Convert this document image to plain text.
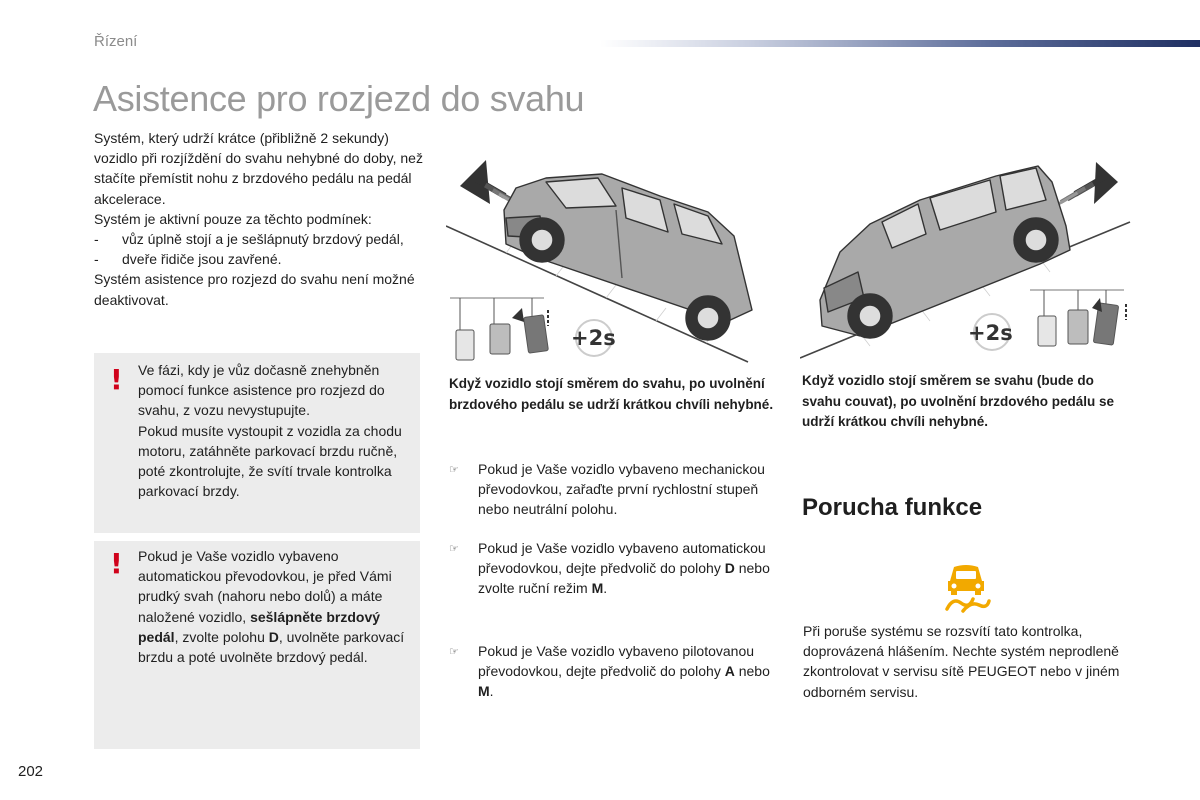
Řízení
Asistence pro rozjezd do svahu

Systém, který udrží krátce (přibližně 2 sekundy) vozidlo při rozjíždění do svahu nehybné do doby, než stačíte přemístit nohu z brzdového pedálu na pedál akcelerace.

Systém je aktivní pouze za těchto podmínek:

- vůz úplně stojí a je sešlápnutý brzdový pedál,
- dveře řidiče jsou zavřené.

Systém asistence pro rozjezd do svahu není možné deaktivovat.

! Ve fázi, kdy je vůz dočasně znehybněn pomocí funkce asistence pro rozjezd do svahu, z vozu nevystupujte.
Pokud musíte vystoupit z vozidla za chodu motoru, zatáhněte parkovací brzdu ručně, poté zkontrolujte, že svítí trvale kontrolka parkovací brzdy.
! Pokud je Vaše vozidlo vybaveno automatickou převodovkou, je před Vámi prudký svah (nahoru nebo dolů) a máte naložené vozidlo, sešlápněte brzdový pedál, zvolte polohu D, uvolněte parkovací brzdu a poté uvolněte brzdový pedál.
+2s	+2s
Když vozidlo stojí směrem do svahu, po uvolnění brzdového pedálu se udrží krátkou chvíli nehybné.
Když vozidlo stojí směrem se svahu (bude do svahu couvat), po uvolnění brzdového pedálu se udrží krátkou chvíli nehybné.
☞ Pokud je Vaše vozidlo vybaveno mechanickou převodovkou, zařaďte první rychlostní stupeň nebo neutrální polohu.
☞ Pokud je Vaše vozidlo vybaveno automatickou převodovkou, dejte předvolič do polohy D nebo zvolte ruční režim M.
☞ Pokud je Vaše vozidlo vybaveno pilotovanou převodovkou, dejte předvolič do polohy A nebo M.
Porucha funkce
Při poruše systému se rozsvítí tato kontrolka, doprovázená hlášením. Nechte systém neprodleně zkontrolovat v servisu sítě PEUGEOT nebo v jiném odborném servisu.
202
